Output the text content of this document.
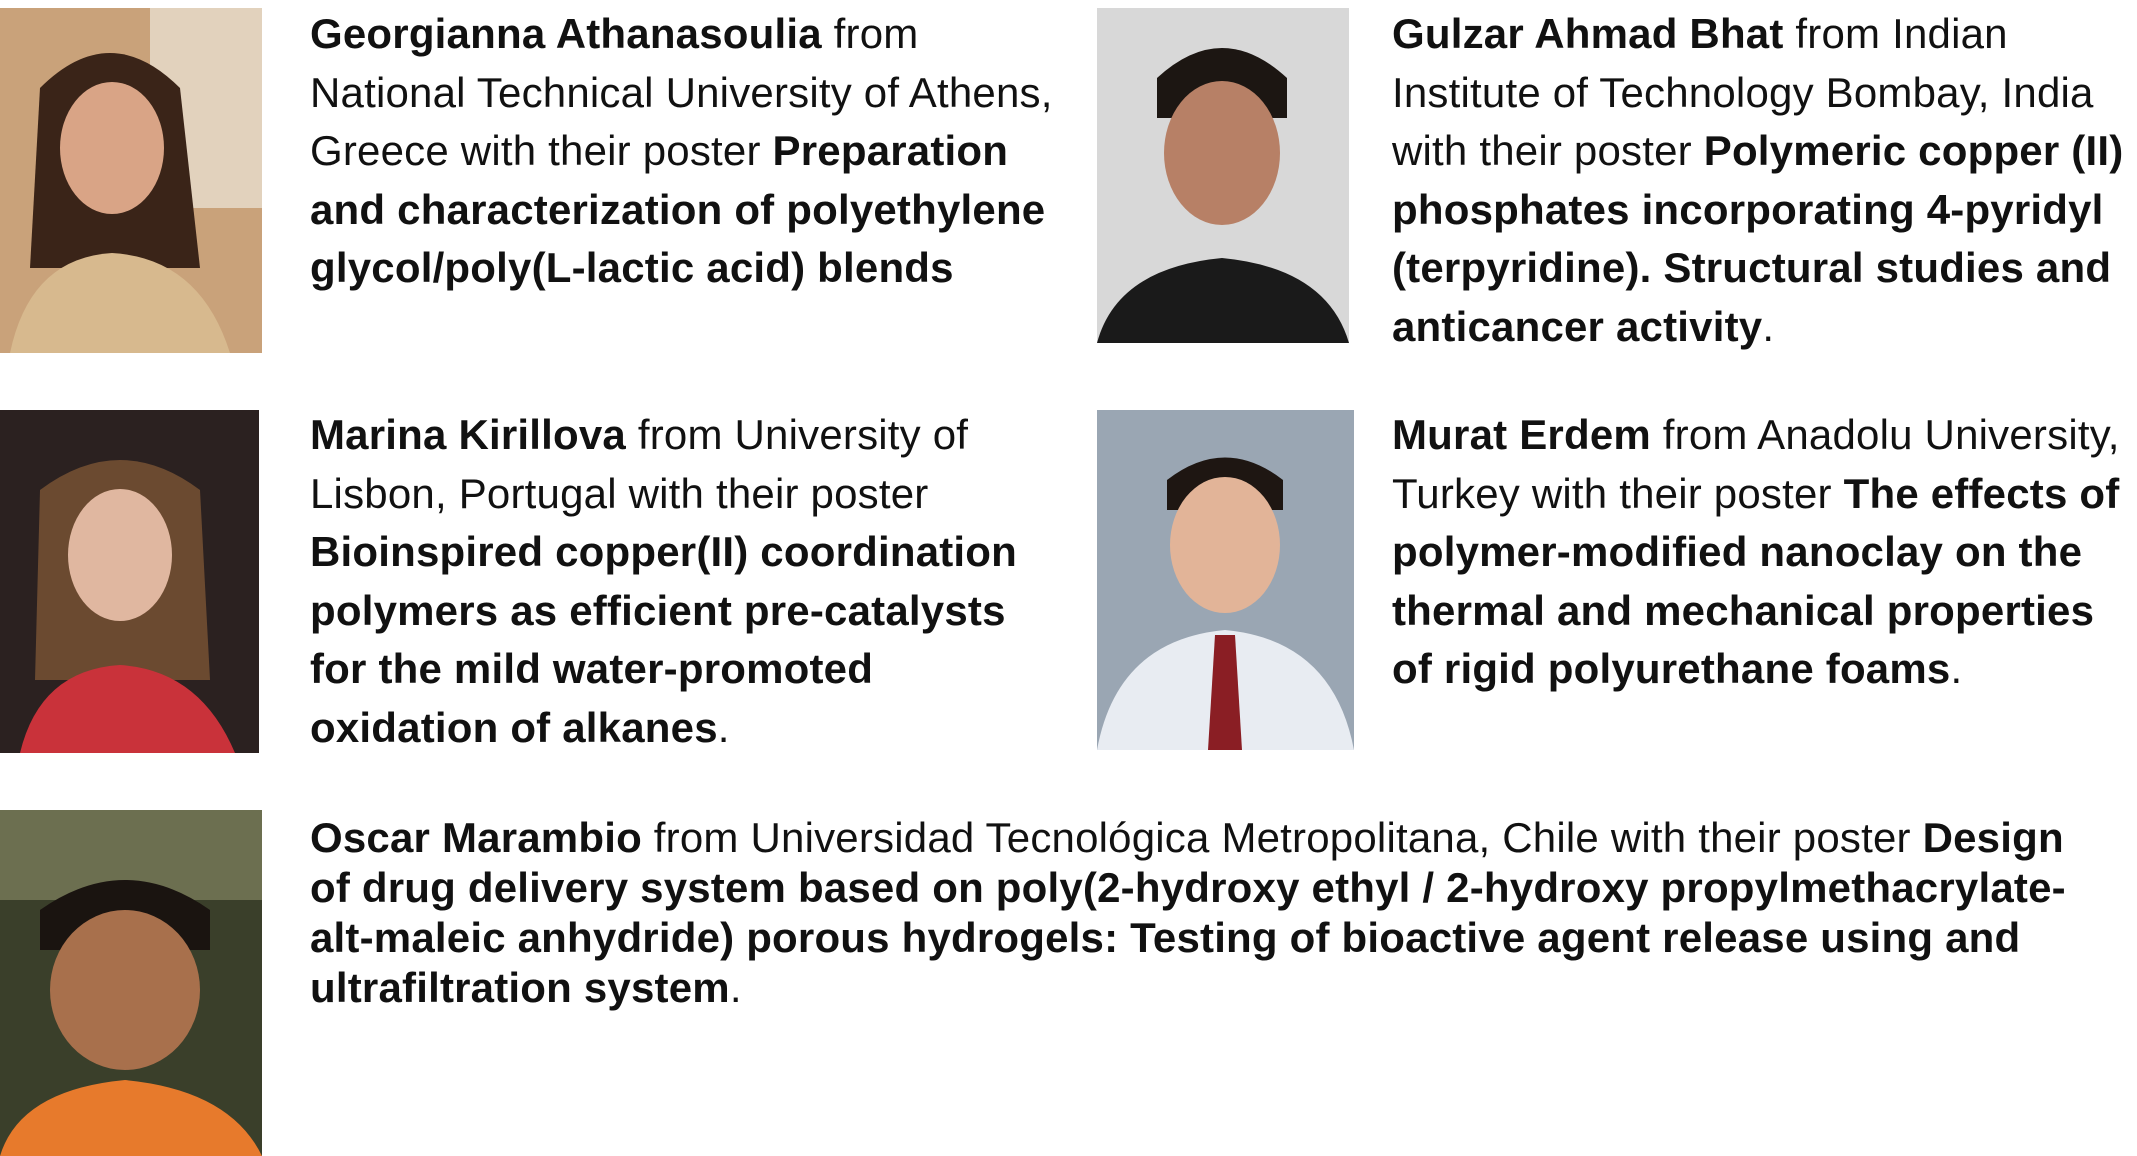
Georgianna Athanasoulia from National Technical University of Athens, Greece with their poster Preparation and characterization of polyethylene glycol/poly(L-lactic acid) blends
Gulzar Ahmad Bhat from Indian Institute of Technology Bombay, India with their poster Polymeric copper (II) phosphates incorporating 4-pyridyl (terpyridine). Structural studies and anticancer activity.
Marina Kirillova from University of Lisbon, Portugal with their poster Bioinspired copper(II) coordination polymers as efficient pre-catalysts for the mild water-promoted oxidation of alkanes.
Murat Erdem from Anadolu University, Turkey with their poster The effects of polymer-modified nanoclay on the thermal and mechanical properties of rigid polyurethane foams.
Oscar Marambio from Universidad Tecnológica Metropolitana, Chile with their poster Design of drug delivery system based on poly(2-hydroxy ethyl / 2-hydroxy propylmethacrylate-alt-maleic anhydride) porous hydrogels: Testing of bioactive agent release using and ultrafiltration system.
